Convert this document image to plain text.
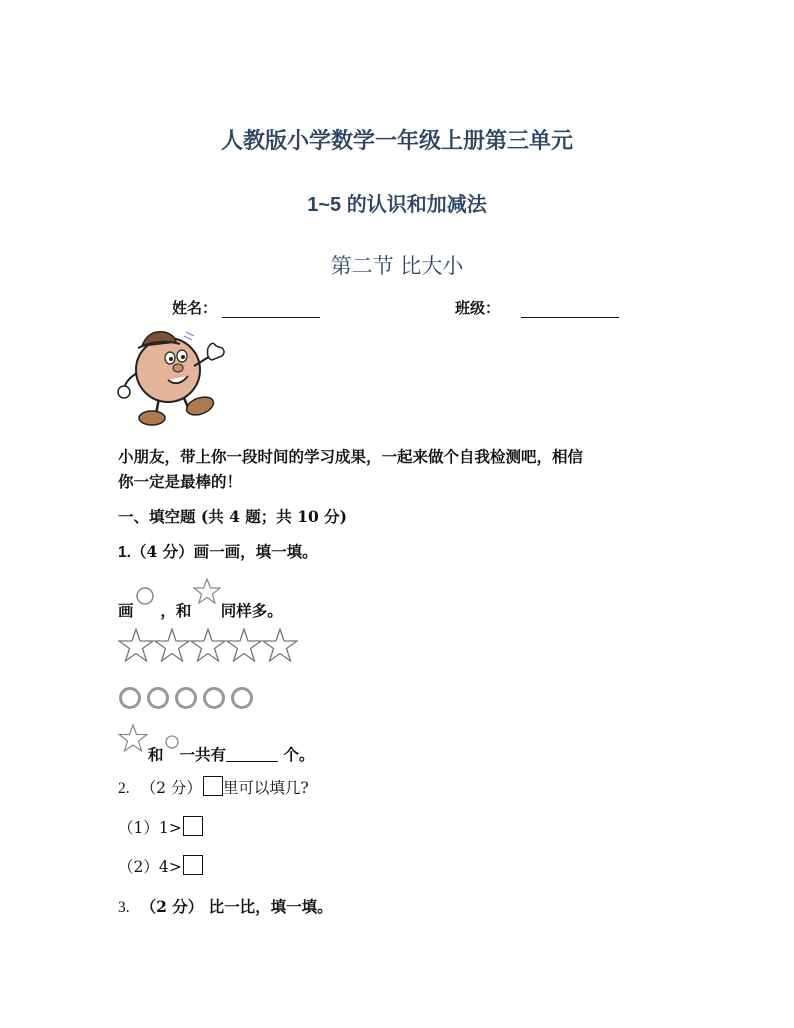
人教版小学数学一年级上册第三单元
1~5 的认识和加减法
第二节 比大小
姓名：	班级：
小朋友，带上你一段时间的学习成果，一起来做个自我检测吧，相信
你一定是最棒的！
一、填空题 (共 4 题；共 10 分)
1.（4 分）画一画，填一填。
画 ，和 同样多。
和 一共有	个。
2. （2 分） 里可以填几?
（1）1>
（2）4>
3. （2 分） 比一比，填一填。
